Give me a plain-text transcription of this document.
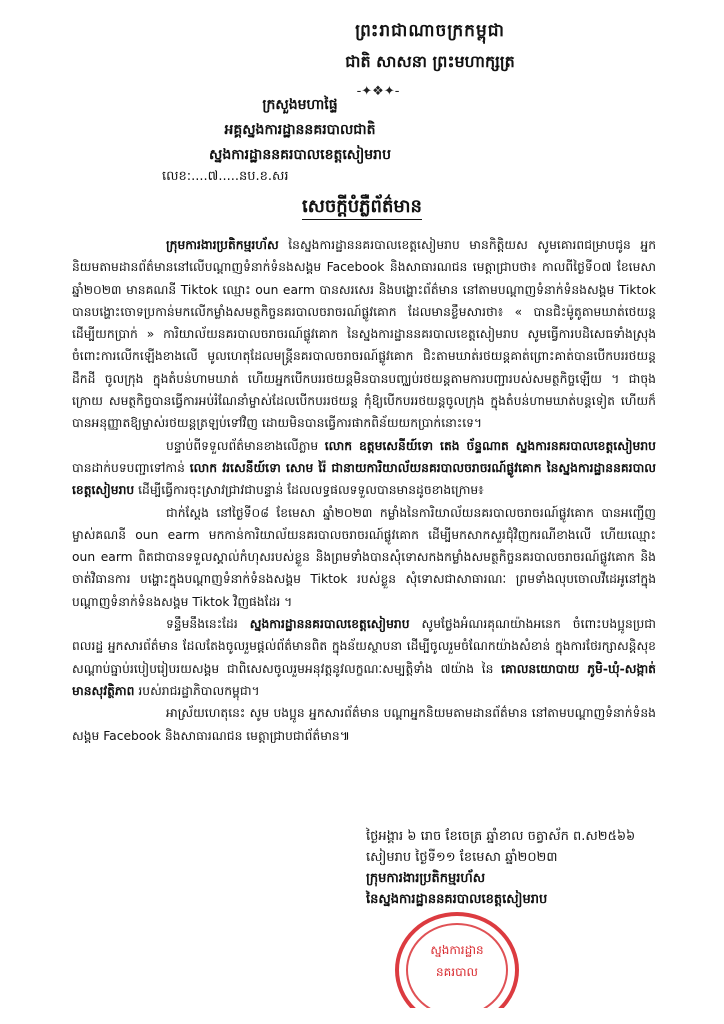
ព្រះរាជាណាចក្រកម្ពុជា
ជាតិ សាសនា ព្រះមហាក្សត្រ
-✦❖✦-
ក្រសួងមហាផ្ទៃ
អគ្គស្នងការដ្ឋាននគរបាលជាតិ
ស្នងការដ្ឋាននគរបាលខេត្តសៀមរាប
លេខ:....៧.....នប.ខ.សរ
សេចក្ដីបំភ្លឺព័ត៌មាន

ក្រុមការងារប្រតិកម្មរហ័ស នៃស្នងការដ្ឋាននគរបាលខេត្តសៀមរាប មានកិត្តិយស សូមគោរពជម្រាបជូន អ្នកនិយមតាមដានព័ត៌មាននៅលើបណ្ដាញទំនាក់ទំនងសង្គម Facebook និងសាធារណជន មេត្តាជ្រាបថា៖ កាលពីថ្ងៃទី០៧ ខែមេសា ឆ្នាំ២០២៣ មានគណនី Tiktok ឈ្មោះ oun earm បានសរសេរ និងបង្ហោះព័ត៌មាន នៅតាមបណ្ដាញទំនាក់ទំនងសង្គម Tiktok បានបង្ហោះចោទប្រកាន់មកលើកម្លាំងសមត្ថកិច្ចនគរបាលចរាចរណ៍ផ្លូវគោក ដែលមានខ្លឹមសារថា៖ « បានជិះម៉ូតូតាមឃាត់ថេយន្តដើម្បីយកប្រាក់ » ការិយាល័យនគរបាលចរាចរណ៍ផ្លូវគោក នៃស្នងការដ្ឋាននគរបាលខេត្តសៀមរាប សូមធ្វើការបដិសេធទាំងស្រុងចំពោះការលើកឡើងខាងលើ មូលហេតុដែលមន្ត្រីនគរបាលចរាចរណ៍ផ្លូវគោក ជិះតាមឃាត់រថយន្តគាត់ព្រោះគាត់បានបើកបររថយន្តដឹកដី ចូលក្រុង ក្នុងតំបន់ហាមឃាត់ ហើយអ្នកបើកបររថយន្តមិនបានបញ្ឈប់រថយន្តតាមការបញ្ជារបស់សមត្ថកិច្ចឡើយ ។ ជាចុងក្រោយ សមត្ថកិច្ចបានធ្វើការអប់រំណែនាំម្ចាស់ដែលបើកបររថយន្ត កុំឱ្យបើកបររថយន្តចូលក្រុង ក្នុងតំបន់ហាមឃាត់បន្តទៀត ហើយក៏បានអនុញ្ញាតឱ្យម្ចាស់រថយន្តត្រឡប់ទៅវិញ ដោយមិនបានធ្វើការផាកពិន័យយកប្រាក់នោះទេ។

បន្ទាប់ពីទទួលព័ត៌មានខាងលើភ្លាម លោក ឧត្តមសេនីយ៍ទោ តេង ច័ន្ទណាត ស្នងការនគរបាលខេត្តសៀមរាប បានដាក់បទបញ្ជាទៅកាន់ លោក វរសេនីយ៍ទោ សោម រ៉ៃ ជានាយការិយាល័យនគរបាលចរាចរណ៍ផ្លូវគោក នៃស្នងការដ្ឋាននគរបាលខេត្តសៀមរាប ដើម្បីធ្វើការចុះស្រាវជ្រាវជាបន្ទាន់ ដែលលទ្ធផលទទួលបានមានដូចខាងក្រោម៖

ជាក់ស្ដែង នៅថ្ងៃទី០៨ ខែមេសា ឆ្នាំ២០២៣ កម្លាំងនៃការិយាល័យនគរបាលចរាចរណ៍ផ្លូវគោក បានអញ្ជើញម្ចាស់គណនី oun earm មកកាន់ការិយាល័យនគរបាលចរាចរណ៍ផ្លូវគោក ដើម្បីមកសាកសួរជុំវិញករណីខាងលើ ហើយឈ្មោះ oun earm ពិតជាបានទទួលស្គាល់កំហុសរបស់ខ្លួន និងព្រមទាំងបានសុំទោសកងកម្លាំងសមត្ថកិច្ចនគរបាលចរាចរណ៍ផ្លូវគោក និងចាត់វិធានការ បង្ហោះក្នុងបណ្ដាញទំនាក់ទំនងសង្គម Tiktok របស់ខ្លួន សុំទោសជាសាធារណៈ ព្រមទាំងលុបចោលវីដេអូនៅក្នុងបណ្ដាញទំនាក់ទំនងសង្គម Tiktok វិញផងដែរ ។

ទន្ទឹមនឹងនេះដែរ ស្នងការដ្ឋាននគរបាលខេត្តសៀមរាប សូមថ្លែងអំណរគុណយ៉ាងអនេក ចំពោះបងប្អូនប្រជាពលរដ្ឋ អ្នកសារព័ត៌មាន ដែលតែងចូលរួមផ្ដល់ព័ត៌មានពិត ក្នុងន័យស្ថាបនា ដើម្បីចូលរួមចំណែកយ៉ាងសំខាន់ ក្នុងការថែរក្សាសន្តិសុខ សណ្ដាប់ធ្នាប់របៀបរៀបរយសង្គម ជាពិសេសចូលរួមអនុវត្តនូវលក្ខណៈសម្បត្តិទាំង ៧យ៉ាង នៃ គោលនយោបាយ ភូមិ-ឃុំ-សង្កាត់ មានសុវត្ថិភាព របស់រាជរដ្ឋាភិបាលកម្ពុជា។

អាស្រ័យហេតុនេះ សូម បងប្អូន អ្នកសារព័ត៌មាន បណ្ដាអ្នកនិយមតាមដានព័ត៌មាន នៅតាមបណ្ដាញទំនាក់ទំនងសង្គម Facebook និងសាធារណជន មេត្តាជ្រាបជាព័ត៌មាន៕

ថ្ងៃអង្គារ ៦ រោច ខែចេត្រ ឆ្នាំខាល ចត្វាស័ក ព.ស២៥៦៦
សៀមរាប ថ្ងៃទី១១ ខែមេសា ឆ្នាំ២០២៣
ក្រុមការងារប្រតិកម្មរហ័ស
នៃស្នងការដ្ឋាននគរបាលខេត្តសៀមរាប
ស្នងការដ្ឋាន
នគរបាល
